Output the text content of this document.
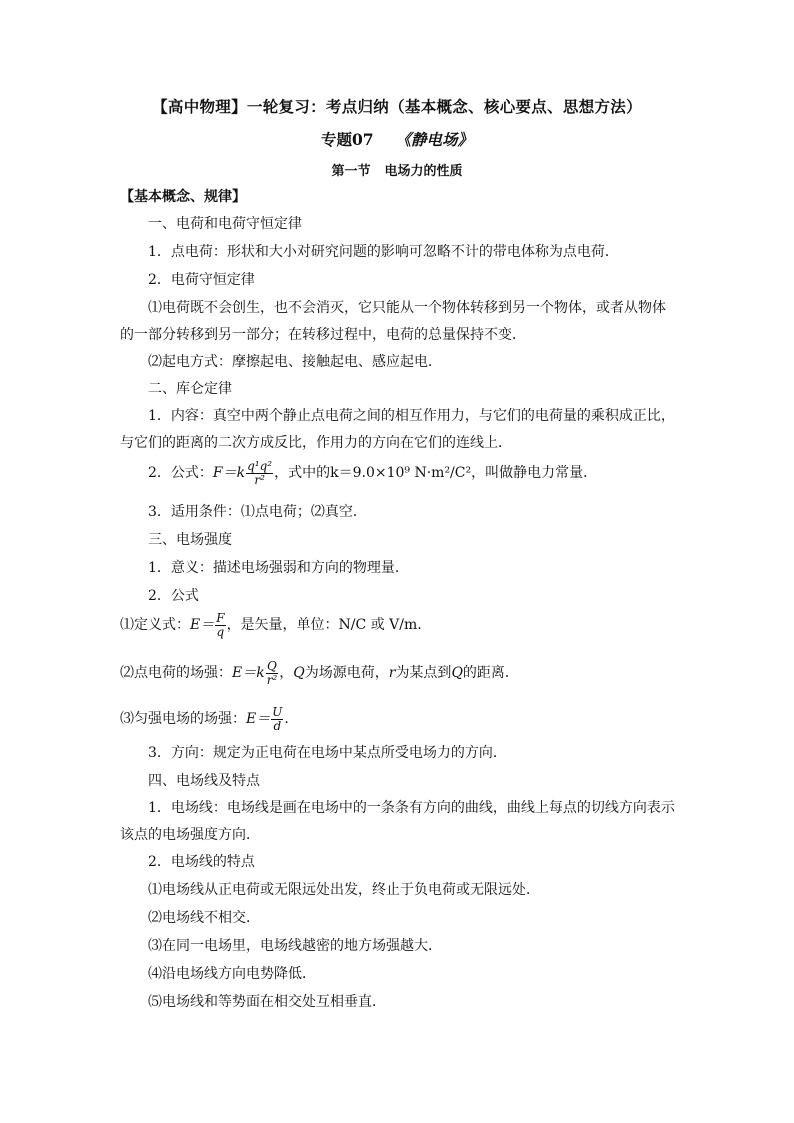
【高中物理】一轮复习：考点归纳（基本概念、核心要点、思想方法）
专题07 《静电场》
第一节 电场力的性质
【基本概念、规律】
一、电荷和电荷守恒定律
1．点电荷：形状和大小对研究问题的影响可忽略不计的带电体称为点电荷．
2．电荷守恒定律
⑴电荷既不会创生，也不会消灭，它只能从一个物体转移到另一个物体，或者从物体
的一部分转移到另一部分；在转移过程中，电荷的总量保持不变．
⑵起电方式：摩擦起电、接触起电、感应起电．
二、库仑定律
1．内容：真空中两个静止点电荷之间的相互作用力，与它们的电荷量的乘积成正比，
与它们的距离的二次方成反比，作用力的方向在它们的连线上．
2．公式：$F=k \frac{\text{q¹q²}}{\text{r²}}$ ，式中的k＝9.0×10⁹ N·m²/C²，叫做静电力常量．
3．适用条件：⑴点电荷；⑵真空．
三、电场强度
1．意义：描述电场强弱和方向的物理量．
2．公式
⑴定义式：$E= \frac{F}{q}$ ，是矢量，单位：N/C 或 V/m.
⑵点电荷的场强：$E=k \frac{Q}{\text{r²}}$ ，Q为场源电荷，r为某点到Q的距离．
⑶匀强电场的场强：$E= \frac{U}{d}$ .
3．方向：规定为正电荷在电场中某点所受电场力的方向．
四、电场线及特点
1．电场线：电场线是画在电场中的一条条有方向的曲线，曲线上每点的切线方向表示
该点的电场强度方向．
2．电场线的特点
⑴电场线从正电荷或无限远处出发，终止于负电荷或无限远处．
⑵电场线不相交．
⑶在同一电场里，电场线越密的地方场强越大．
⑷沿电场线方向电势降低．
⑸电场线和等势面在相交处互相垂直．
